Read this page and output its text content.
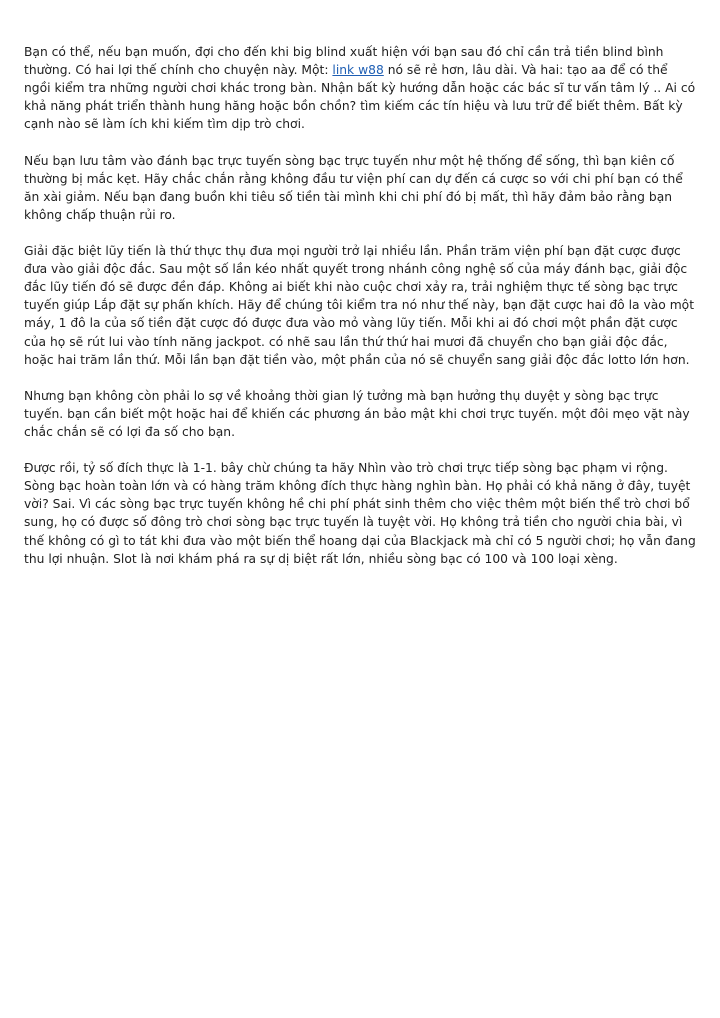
Bạn có thể, nếu bạn muốn, đợi cho đến khi big blind xuất hiện với bạn sau đó chỉ cần trả tiền blind bình thường. Có hai lợi thế chính cho chuyện này. Một: link w88 nó sẽ rẻ hơn, lâu dài. Và hai: tạo aa để có thể ngồi kiểm tra những người chơi khác trong bàn. Nhận bất kỳ hướng dẫn hoặc các bác sĩ tư vấn tâm lý .. Ai có khả năng phát triển thành hung hăng hoặc bồn chồn? tìm kiếm các tín hiệu và lưu trữ để biết thêm. Bất kỳ cạnh nào sẽ làm ích khi kiếm tìm dịp trò chơi.

Nếu bạn lưu tâm vào đánh bạc trực tuyến sòng bạc trực tuyến như một hệ thống để sống, thì bạn kiên cố thường bị mắc kẹt. Hãy chắc chắn rằng không đầu tư viện phí can dự đến cá cược so với chi phí bạn có thể ăn xài giảm. Nếu bạn đang buồn khi tiêu số tiền tài mình khi chi phí đó bị mất, thì hãy đảm bảo rằng bạn không chấp thuận rủi ro.

Giải đặc biệt lũy tiến là thứ thực thụ đưa mọi người trở lại nhiều lần. Phần trăm viện phí bạn đặt cược được đưa vào giải độc đắc. Sau một số lần kéo nhất quyết trong nhánh công nghệ số của máy đánh bạc, giải độc đắc lũy tiến đó sẽ được đền đáp. Không ai biết khi nào cuộc chơi xảy ra, trải nghiệm thực tế sòng bạc trực tuyến giúp Lắp đặt sự phấn khích. Hãy để chúng tôi kiểm tra nó như thế này, bạn đặt cược hai đô la vào một máy, 1 đô la của số tiền đặt cược đó được đưa vào mỏ vàng lũy tiến. Mỗi khi ai đó chơi một phần đặt cược của họ sẽ rút lui vào tính năng jackpot. có nhẽ sau lần thứ thứ hai mươi đã chuyển cho bạn giải độc đắc, hoặc hai trăm lần thứ. Mỗi lần bạn đặt tiền vào, một phần của nó sẽ chuyển sang giải độc đắc lotto lớn hơn.

Nhưng bạn không còn phải lo sợ về khoảng thời gian lý tưởng mà bạn hưởng thụ duyệt y sòng bạc trực tuyến. bạn cần biết một hoặc hai để khiến các phương án bảo mật khi chơi trực tuyến. một đôi mẹo vặt này chắc chắn sẽ có lợi đa số cho bạn.

Được rồi, tỷ số đích thực là 1-1. bây chừ chúng ta hãy Nhìn vào trò chơi trực tiếp sòng bạc phạm vi rộng. Sòng bạc hoàn toàn lớn và có hàng trăm không đích thực hàng nghìn bàn. Họ phải có khả năng ở đây, tuyệt vời? Sai. Vì các sòng bạc trực tuyến không hề chi phí phát sinh thêm cho việc thêm một biến thể trò chơi bổ sung, họ có được số đông trò chơi sòng bạc trực tuyến là tuyệt vời. Họ không trả tiền cho người chia bài, vì thế không có gì to tát khi đưa vào một biến thể hoang dại của Blackjack mà chỉ có 5 người chơi; họ vẫn đang thu lợi nhuận. Slot là nơi khám phá ra sự dị biệt rất lớn, nhiều sòng bạc có 100 và 100 loại xèng.
